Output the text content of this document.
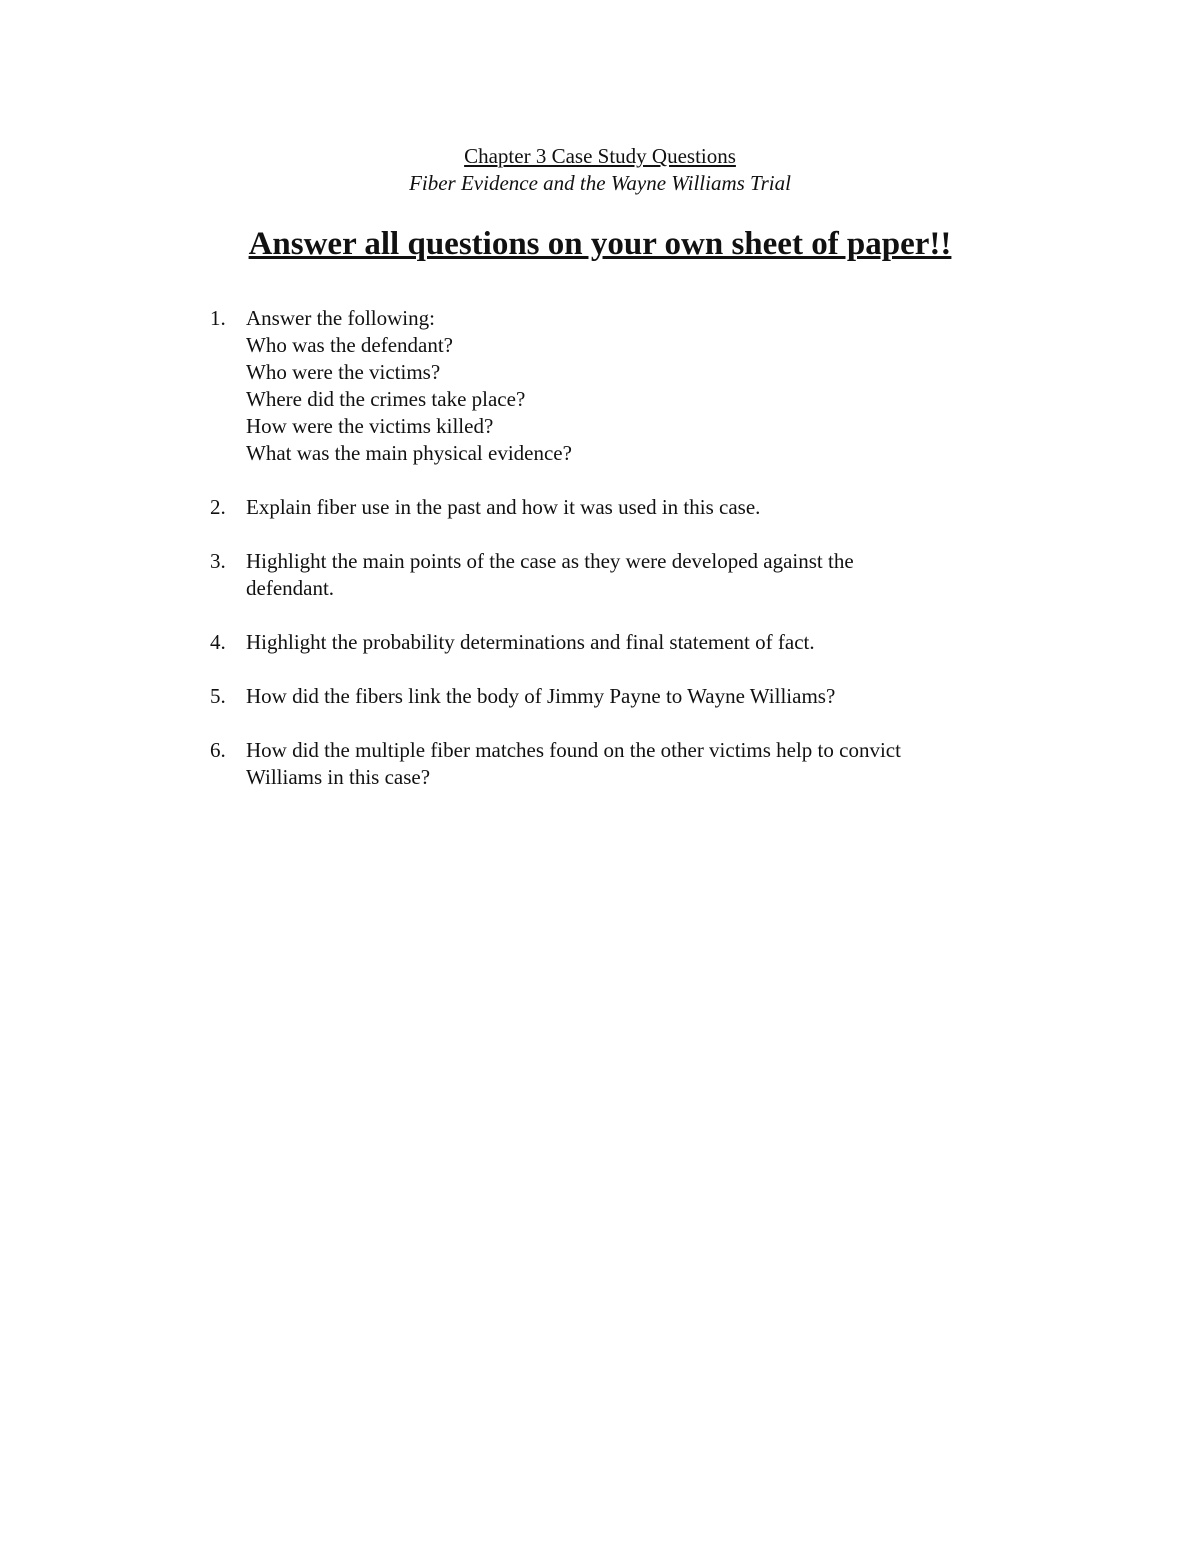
Chapter 3 Case Study Questions
Fiber Evidence and the Wayne Williams Trial
Answer all questions on your own sheet of paper!!
1. Answer the following:
Who was the defendant?
Who were the victims?
Where did the crimes take place?
How were the victims killed?
What was the main physical evidence?
2. Explain fiber use in the past and how it was used in this case.
3. Highlight the main points of the case as they were developed against the
defendant.
4. Highlight the probability determinations and final statement of fact.
5. How did the fibers link the body of Jimmy Payne to Wayne Williams?
6. How did the multiple fiber matches found on the other victims help to convict
Williams in this case?
